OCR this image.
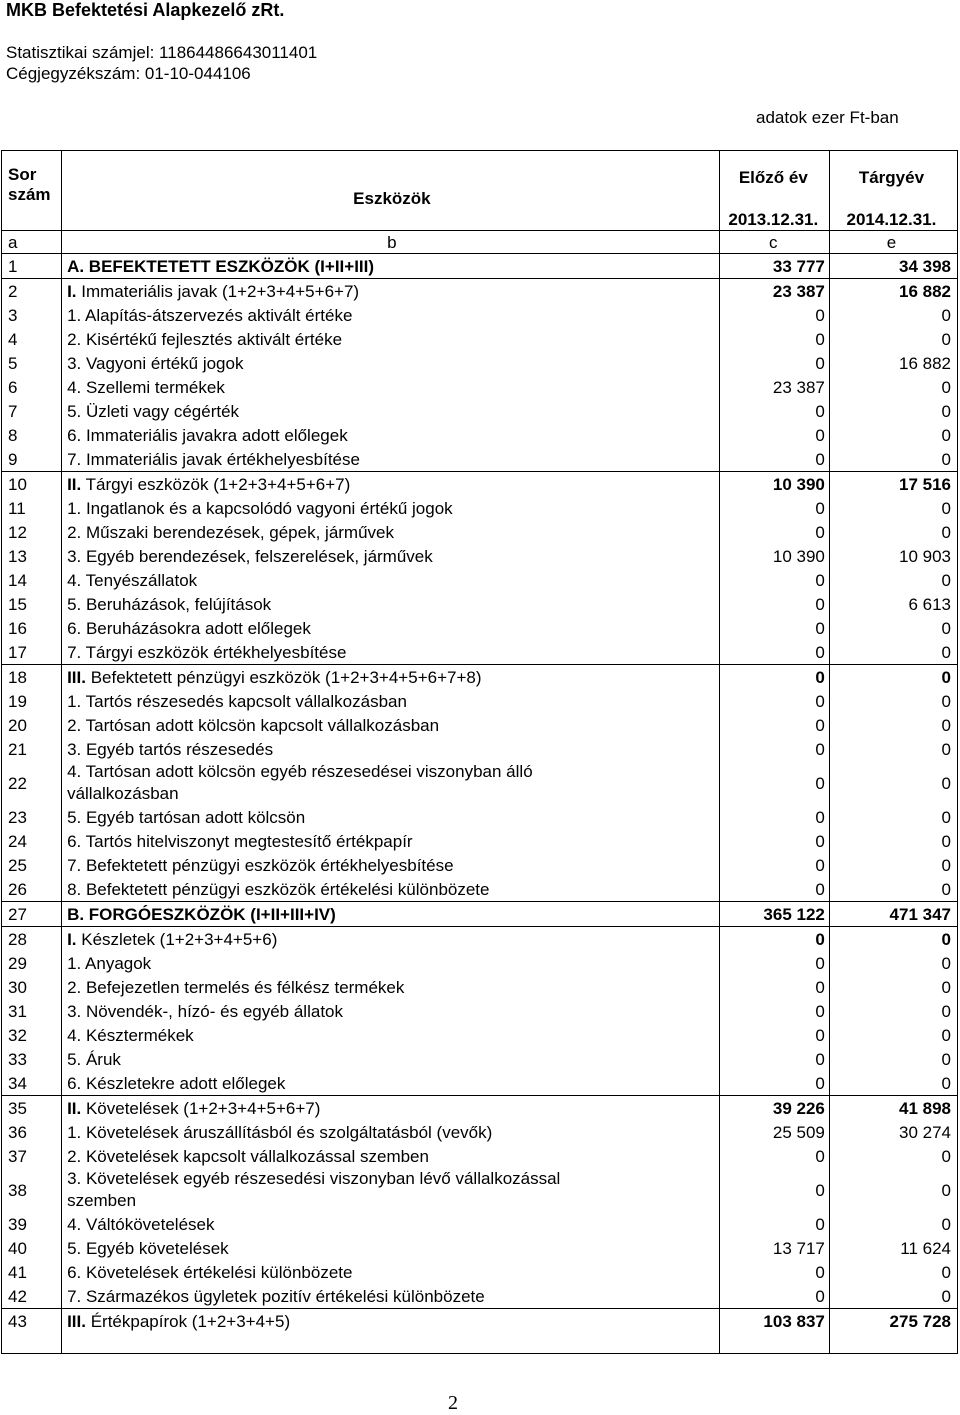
MKB Befektetési Alapkezelő zRt.
Statisztikai számjel: 11864486643011401
Cégjegyzékszám: 01-10-044106
adatok ezer Ft-ban
Sor
szám	Eszközök	Előző év	Tárgyév
		2013.12.31.	2014.12.31.
a	b	c	e
1	A. BEFEKTETETT ESZKÖZÖK (I+II+III)	33 777	34 398
2	I. Immateriális javak (1+2+3+4+5+6+7)	23 387	16 882
3	1. Alapítás-átszervezés aktivált értéke	0	0
4	2. Kisértékű fejlesztés aktivált értéke	0	0
5	3. Vagyoni értékű jogok	0	16 882
6	4. Szellemi termékek	23 387	0
7	5. Üzleti vagy cégérték	0	0
8	6. Immateriális javakra adott előlegek	0	0
9	7. Immateriális javak értékhelyesbítése	0	0
10	II. Tárgyi eszközök (1+2+3+4+5+6+7)	10 390	17 516
11	1. Ingatlanok és a kapcsolódó vagyoni értékű jogok	0	0
12	2. Műszaki berendezések, gépek, járművek	0	0
13	3. Egyéb berendezések, felszerelések, járművek	10 390	10 903
14	4. Tenyészállatok	0	0
15	5. Beruházások, felújítások	0	6 613
16	6. Beruházásokra adott előlegek	0	0
17	7. Tárgyi eszközök értékhelyesbítése	0	0
18	III. Befektetett pénzügyi eszközök (1+2+3+4+5+6+7+8)	0	0
19	1. Tartós részesedés kapcsolt vállalkozásban	0	0
20	2. Tartósan adott kölcsön kapcsolt vállalkozásban	0	0
21	3. Egyéb tartós részesedés	0	0
22	4. Tartósan adott kölcsön egyéb részesedései viszonyban álló vállalkozásban	0	0
23	5. Egyéb tartósan adott kölcsön	0	0
24	6. Tartós hitelviszonyt megtestesítő értékpapír	0	0
25	7. Befektetett pénzügyi eszközök értékhelyesbítése	0	0
26	8. Befektetett pénzügyi eszközök értékelési különbözete	0	0
27	B. FORGÓESZKÖZÖK (I+II+III+IV)	365 122	471 347
28	I. Készletek (1+2+3+4+5+6)	0	0
29	1. Anyagok	0	0
30	2. Befejezetlen termelés és félkész termékek	0	0
31	3. Növendék-, hízó- és egyéb állatok	0	0
32	4. Késztermékek	0	0
33	5. Áruk	0	0
34	6. Készletekre adott előlegek	0	0
35	II. Követelések (1+2+3+4+5+6+7)	39 226	41 898
36	1. Követelések áruszállításból és szolgáltatásból (vevők)	25 509	30 274
37	2. Követelések kapcsolt vállalkozással szemben	0	0
38	3. Követelések egyéb részesedési viszonyban lévő vállalkozással szemben	0	0
39	4. Váltókövetelések	0	0
40	5. Egyéb követelések	13 717	11 624
41	6. Követelések értékelési különbözete	0	0
42	7. Származékos ügyletek pozitív értékelési különbözete	0	0
43	III. Értékpapírok (1+2+3+4+5)	103 837	275 728

2
